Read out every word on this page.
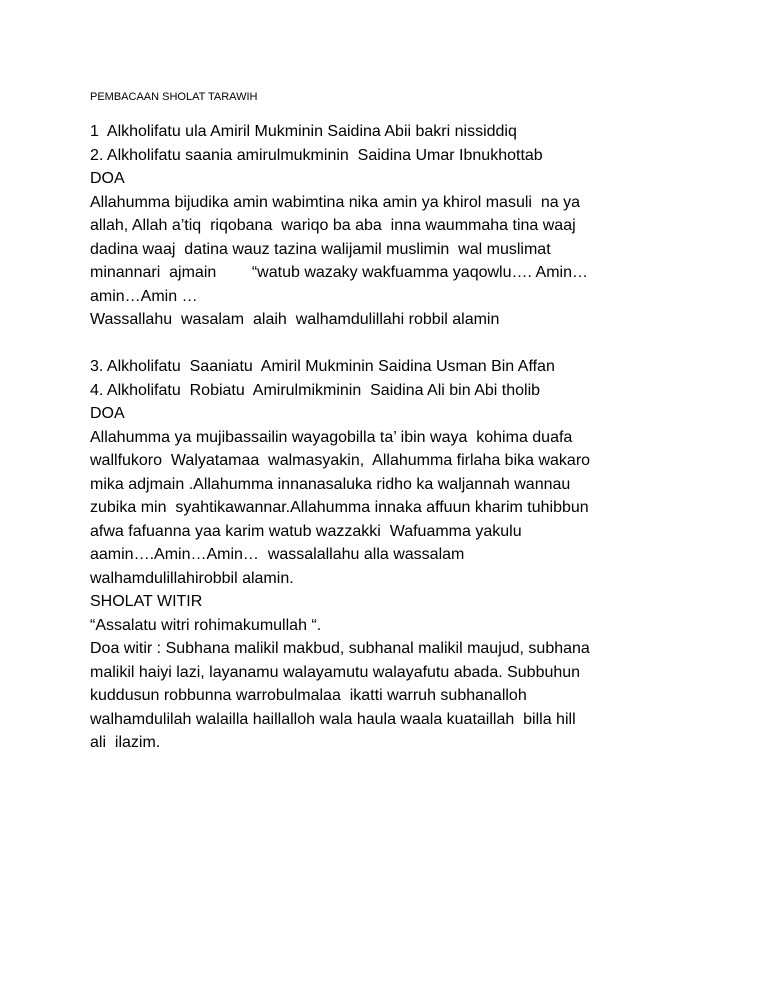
PEMBACAAN SHOLAT TARAWIH
1  Alkholifatu ula Amiril Mukminin Saidina Abii bakri nissiddiq
2. Alkholifatu saania amirulmukminin  Saidina Umar Ibnukhottab
DOA
Allahumma bijudika amin wabimtina nika amin ya khirol masuli  na ya
allah, Allah a’tiq  riqobana  wariqo ba aba  inna waummaha tina waaj
dadina waaj  datina wauz tazina walijamil muslimin  wal muslimat
minannari  ajmain        “watub wazaky wakfuamma yaqowlu…. Amin…
amin…Amin …
Wassallahu  wasalam  alaih  walhamdulillahi robbil alamin
3. Alkholifatu  Saaniatu  Amiril Mukminin Saidina Usman Bin Affan
4. Alkholifatu  Robiatu  Amirulmikminin  Saidina Ali bin Abi tholib
DOA
Allahumma ya mujibassailin wayagobilla ta’ ibin waya  kohima duafa
wallfukoro  Walyatamaa  walmasyakin,  Allahumma firlaha bika wakaro
mika adjmain .Allahumma innanasaluka ridho ka waljannah wannau
zubika min  syahtikawannar.Allahumma innaka affuun kharim tuhibbun
afwa fafuanna yaa karim watub wazzakki  Wafuamma yakulu
aamin….Amin…Amin…  wassalallahu alla wassalam
walhamdulillahirobbil alamin.
SHOLAT WITIR
“Assalatu witri rohimakumullah “.
Doa witir : Subhana malikil makbud, subhanal malikil maujud, subhana
malikil haiyi lazi, layanamu walayamutu walayafutu abada. Subbuhun
kuddusun robbunna warrobulmalaa  ikatti warruh subhanalloh
walhamdulilah walailla haillalloh wala haula waala kuataillah  billa hill
ali  ilazim.
